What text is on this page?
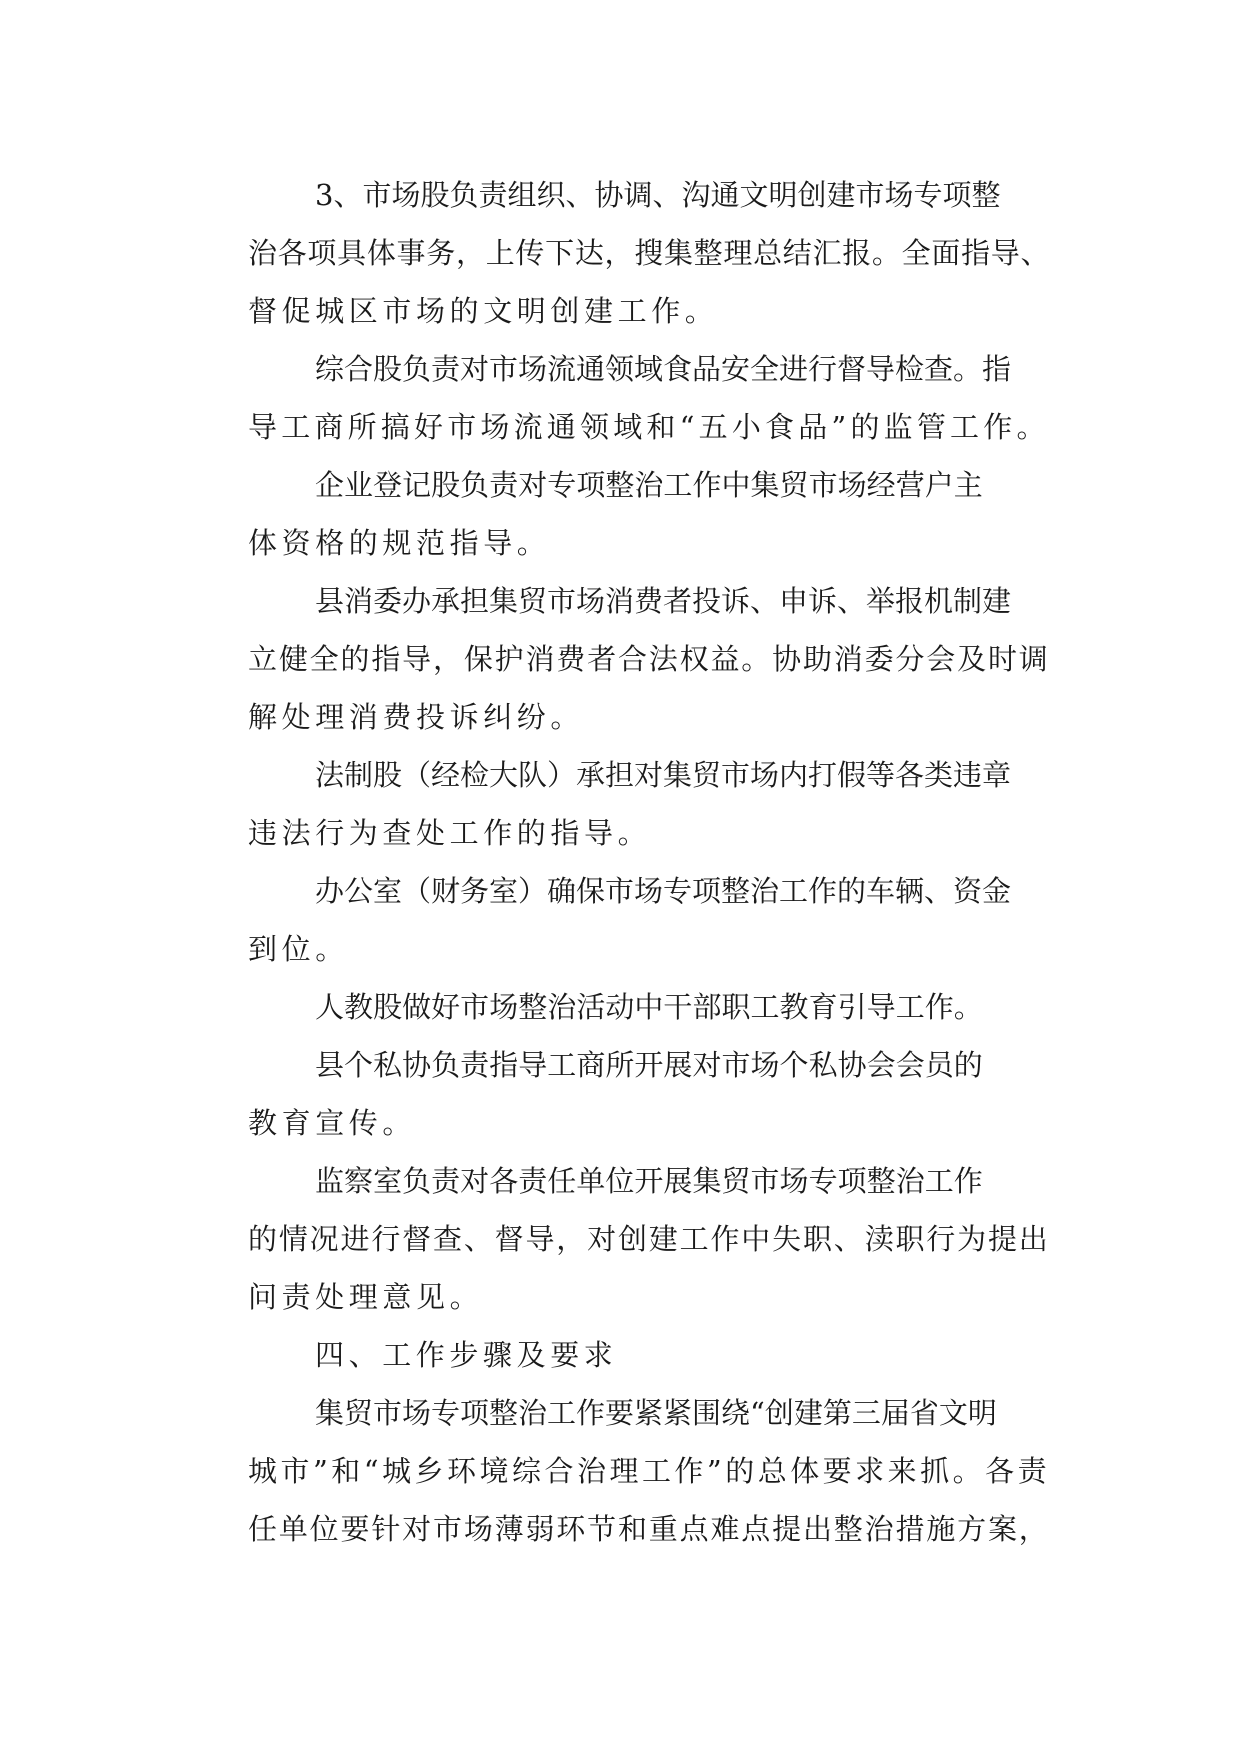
3、市场股负责组织、协调、沟通文明创建市场专项整
治各项具体事务，上传下达，搜集整理总结汇报。全面指导、
督促城区市场的文明创建工作。
综合股负责对市场流通领域食品安全进行督导检查。指
导工商所搞好市场流通领域和“五小食品”的监管工作。
企业登记股负责对专项整治工作中集贸市场经营户主
体资格的规范指导。
县消委办承担集贸市场消费者投诉、申诉、举报机制建
立健全的指导，保护消费者合法权益。协助消委分会及时调
解处理消费投诉纠纷。
法制股（经检大队）承担对集贸市场内打假等各类违章
违法行为查处工作的指导。
办公室（财务室）确保市场专项整治工作的车辆、资金
到位。
人教股做好市场整治活动中干部职工教育引导工作。
县个私协负责指导工商所开展对市场个私协会会员的
教育宣传。
监察室负责对各责任单位开展集贸市场专项整治工作
的情况进行督查、督导，对创建工作中失职、渎职行为提出
问责处理意见。
四、工作步骤及要求
集贸市场专项整治工作要紧紧围绕“创建第三届省文明
城市”和“城乡环境综合治理工作”的总体要求来抓。各责
任单位要针对市场薄弱环节和重点难点提出整治措施方案，
